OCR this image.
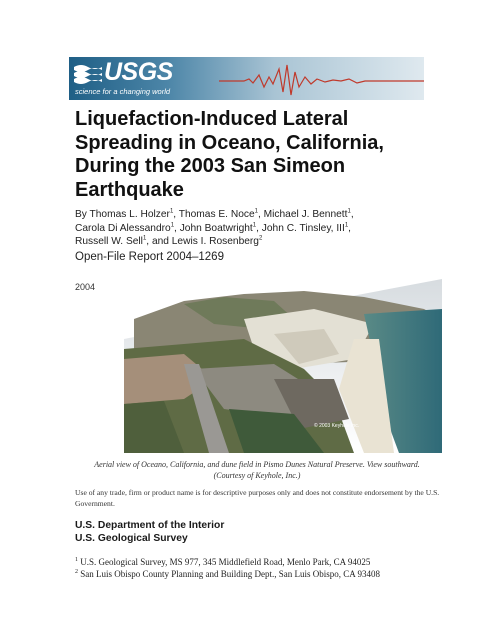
USGS
science for a changing world
Liquefaction-Induced Lateral
Spreading in Oceano, California,
During the 2003 San Simeon
Earthquake
By Thomas L. Holzer$^1$, Thomas E. Noce$^1$, Michael J. Bennett$^1$,
Carola Di Alessandro$^1$, John Boatwright$^1$, John C. Tinsley, III$^1$,
Russell W. Sell$^1$, and Lewis I. Rosenberg$^2$
Open-File Report 2004–1269
2004
© 2003 Keyhole Inc.
Aerial view of Oceano, California, and dune field in Pismo Dunes Natural Preserve. View southward.
(Courtesy of Keyhole, Inc.)
Use of any trade, firm or product name is for descriptive purposes only and does not constitute endorsement by the U.S. Government.
U.S. Department of the Interior
U.S. Geological Survey
$^1$ U.S. Geological Survey, MS 977, 345 Middlefield Road, Menlo Park, CA 94025
$^2$ San Luis Obispo County Planning and Building Dept., San Luis Obispo, CA 93408
